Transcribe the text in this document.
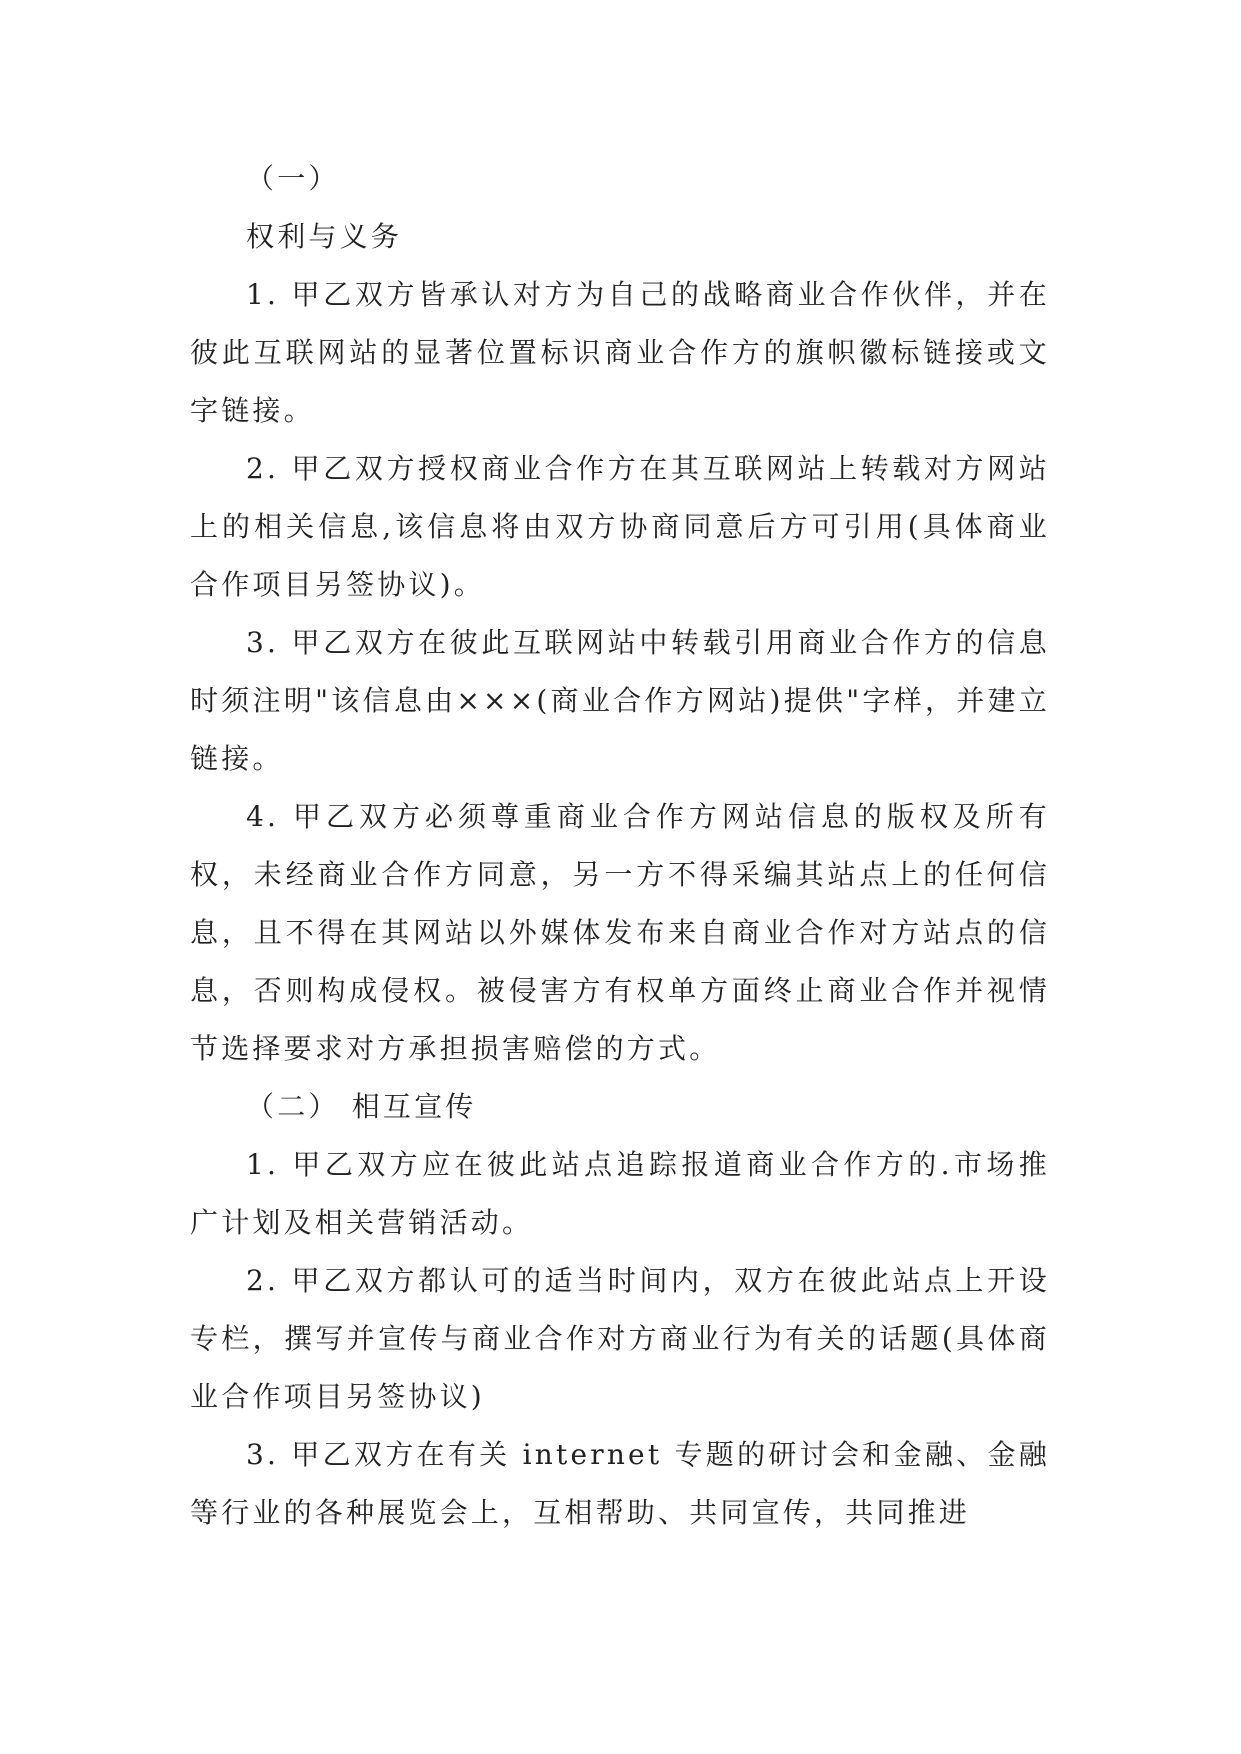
（一）

权利与义务

1. 甲乙双方皆承认对方为自己的战略商业合作伙伴，并在彼此互联网站的显著位置标识商业合作方的旗帜徽标链接或文字链接。

2. 甲乙双方授权商业合作方在其互联网站上转载对方网站上的相关信息,该信息将由双方协商同意后方可引用(具体商业合作项目另签协议)。

3. 甲乙双方在彼此互联网站中转载引用商业合作方的信息时须注明"该信息由×××(商业合作方网站)提供"字样，并建立链接。

4. 甲乙双方必须尊重商业合作方网站信息的版权及所有权，未经商业合作方同意，另一方不得采编其站点上的任何信息，且不得在其网站以外媒体发布来自商业合作对方站点的信息，否则构成侵权。被侵害方有权单方面终止商业合作并视情节选择要求对方承担损害赔偿的方式。

（二） 相互宣传

1. 甲乙双方应在彼此站点追踪报道商业合作方的.市场推广计划及相关营销活动。

2. 甲乙双方都认可的适当时间内，双方在彼此站点上开设专栏，撰写并宣传与商业合作对方商业行为有关的话题(具体商业合作项目另签协议)

3. 甲乙双方在有关 internet 专题的研讨会和金融、金融等行业的各种展览会上，互相帮助、共同宣传，共同推进
